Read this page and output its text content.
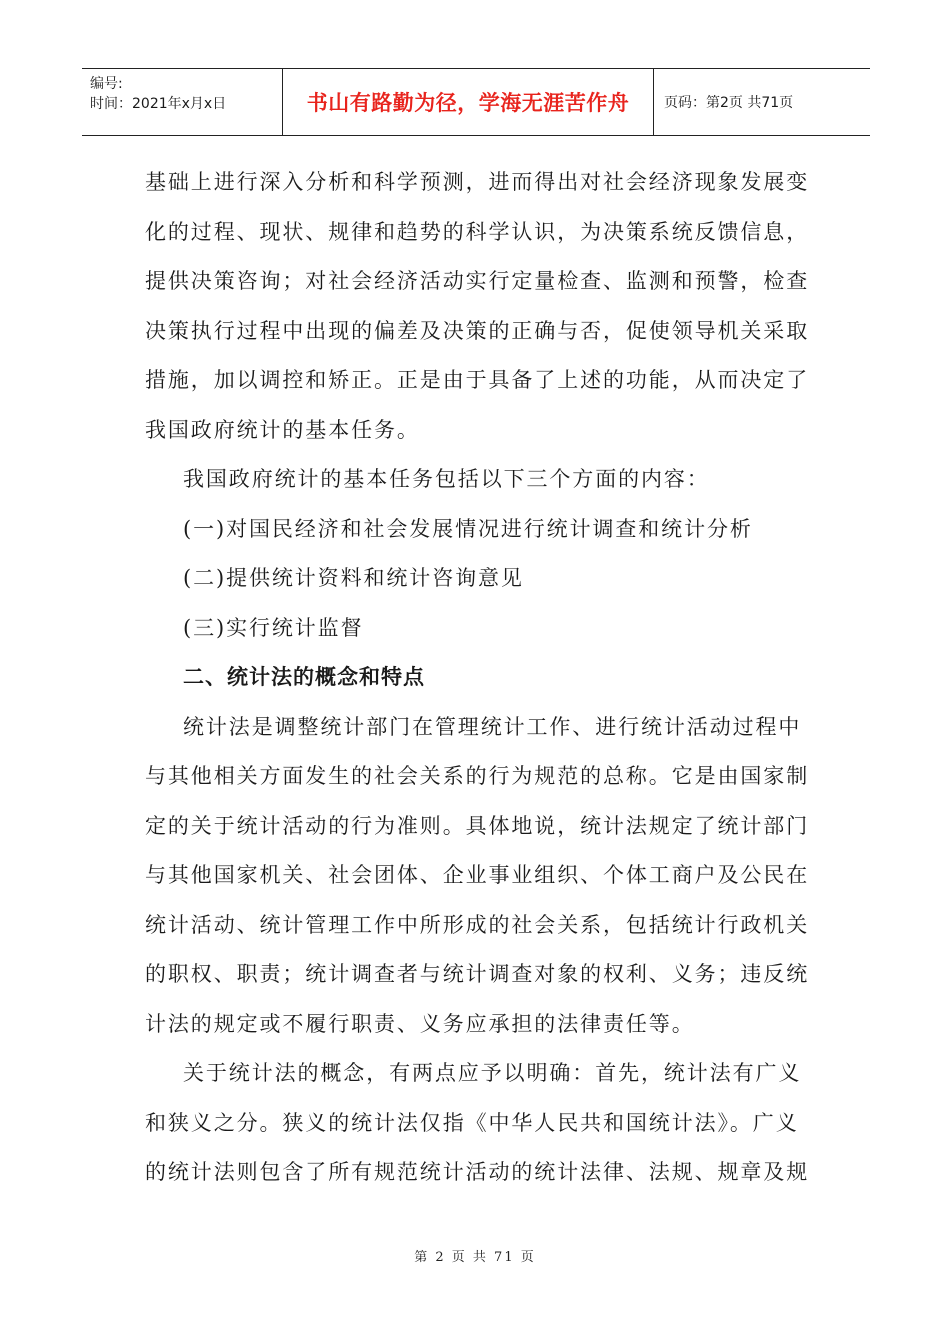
编号:
时间：2021年x月x日	书山有路勤为径，学海无涯苦作舟 页码：第2页 共71页
基础上进行深入分析和科学预测，进而得出对社会经济现象发展变
化的过程、现状、规律和趋势的科学认识，为决策系统反馈信息，
提供决策咨询；对社会经济活动实行定量检查、监测和预警，检查
决策执行过程中出现的偏差及决策的正确与否，促使领导机关采取
措施，加以调控和矫正。正是由于具备了上述的功能，从而决定了
我国政府统计的基本任务。
我国政府统计的基本任务包括以下三个方面的内容：
(一)对国民经济和社会发展情况进行统计调查和统计分析
(二)提供统计资料和统计咨询意见
(三)实行统计监督
二、统计法的概念和特点
统计法是调整统计部门在管理统计工作、进行统计活动过程中
与其他相关方面发生的社会关系的行为规范的总称。它是由国家制
定的关于统计活动的行为准则。具体地说，统计法规定了统计部门
与其他国家机关、社会团体、企业事业组织、个体工商户及公民在
统计活动、统计管理工作中所形成的社会关系，包括统计行政机关
的职权、职责；统计调查者与统计调查对象的权利、义务；违反统
计法的规定或不履行职责、义务应承担的法律责任等。
关于统计法的概念，有两点应予以明确：首先，统计法有广义
和狭义之分。狭义的统计法仅指《中华人民共和国统计法》。广义
的统计法则包含了所有规范统计活动的统计法律、法规、规章及规
第 2 页 共 71 页
